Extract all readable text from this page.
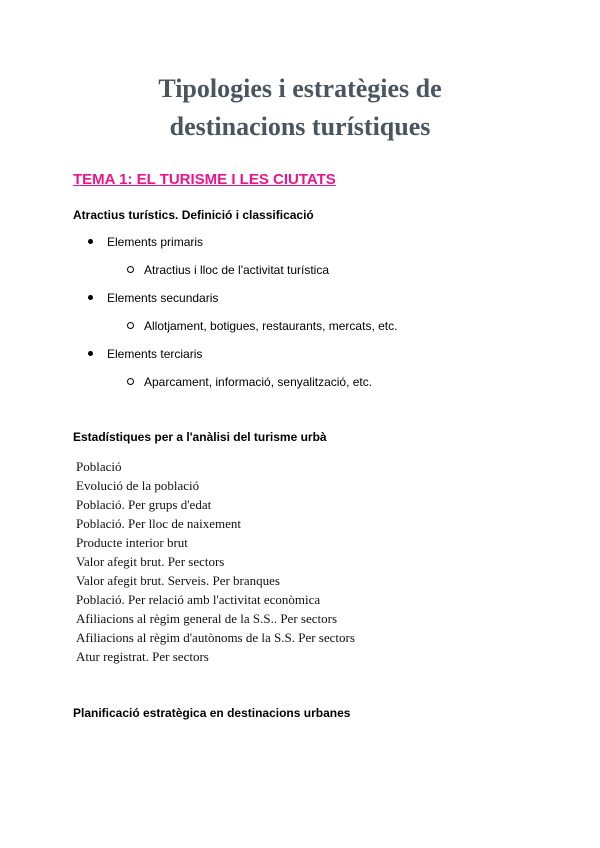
Tipologies i estratègies de
destinacions turístiques
TEMA 1: EL TURISME I LES CIUTATS
Atractius turístics. Definició i classificació
Elements primaris
Atractius i lloc de l'activitat turística
Elements secundaris
Allotjament, botigues, restaurants, mercats, etc.
Elements terciaris
Aparcament, informació, senyalització, etc.
Estadístiques per a l'anàlisi del turisme urbà
Població
Evolució de la població
Població. Per grups d'edat
Població. Per lloc de naixement
Producte interior brut
Valor afegit brut. Per sectors
Valor afegit brut. Serveis. Per branques
Població. Per relació amb l'activitat econòmica
Afiliacions al règim general de la S.S.. Per sectors
Afiliacions al règim d'autònoms de la S.S. Per sectors
Atur registrat. Per sectors
Planificació estratègica en destinacions urbanes
